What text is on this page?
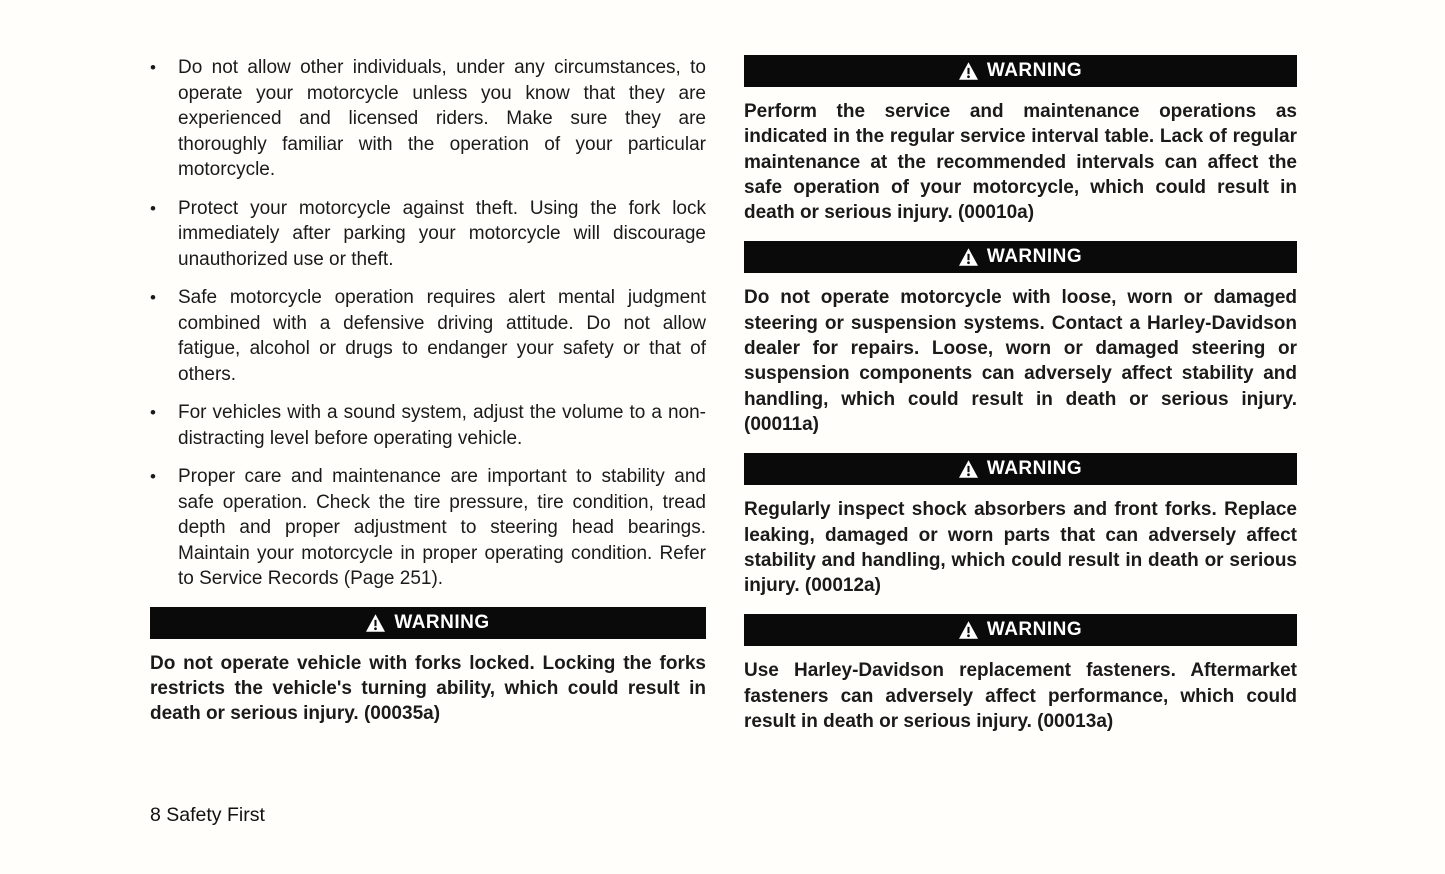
•	Do not allow other individuals, under any circumstances, to operate your motorcycle unless you know that they are experienced and licensed riders. Make sure they are thoroughly familiar with the operation of your particular motorcycle.
•	Protect your motorcycle against theft. Using the fork lock immediately after parking your motorcycle will discourage unauthorized use or theft.
•	Safe motorcycle operation requires alert mental judgment combined with a defensive driving attitude. Do not allow fatigue, alcohol or drugs to endanger your safety or that of others.
•	For vehicles with a sound system, adjust the volume to a non-distracting level before operating vehicle.
•	Proper care and maintenance are important to stability and safe operation. Check the tire pressure, tire condition, tread depth and proper adjustment to steering head bearings. Maintain your motorcycle in proper operating condition. Refer to Service Records (Page 251).
WARNING
Do not operate vehicle with forks locked. Locking the forks restricts the vehicle's turning ability, which could result in death or serious injury. (00035a)
WARNING
Perform the service and maintenance operations as indicated in the regular service interval table. Lack of regular maintenance at the recommended intervals can affect the safe operation of your motorcycle, which could result in death or serious injury. (00010a)
WARNING
Do not operate motorcycle with loose, worn or damaged steering or suspension systems. Contact a Harley-Davidson dealer for repairs. Loose, worn or damaged steering or suspension components can adversely affect stability and handling, which could result in death or serious injury. (00011a)
WARNING
Regularly inspect shock absorbers and front forks. Replace leaking, damaged or worn parts that can adversely affect stability and handling, which could result in death or serious injury. (00012a)
WARNING
Use Harley-Davidson replacement fasteners. Aftermarket fasteners can adversely affect performance, which could result in death or serious injury. (00013a)
8 Safety First
